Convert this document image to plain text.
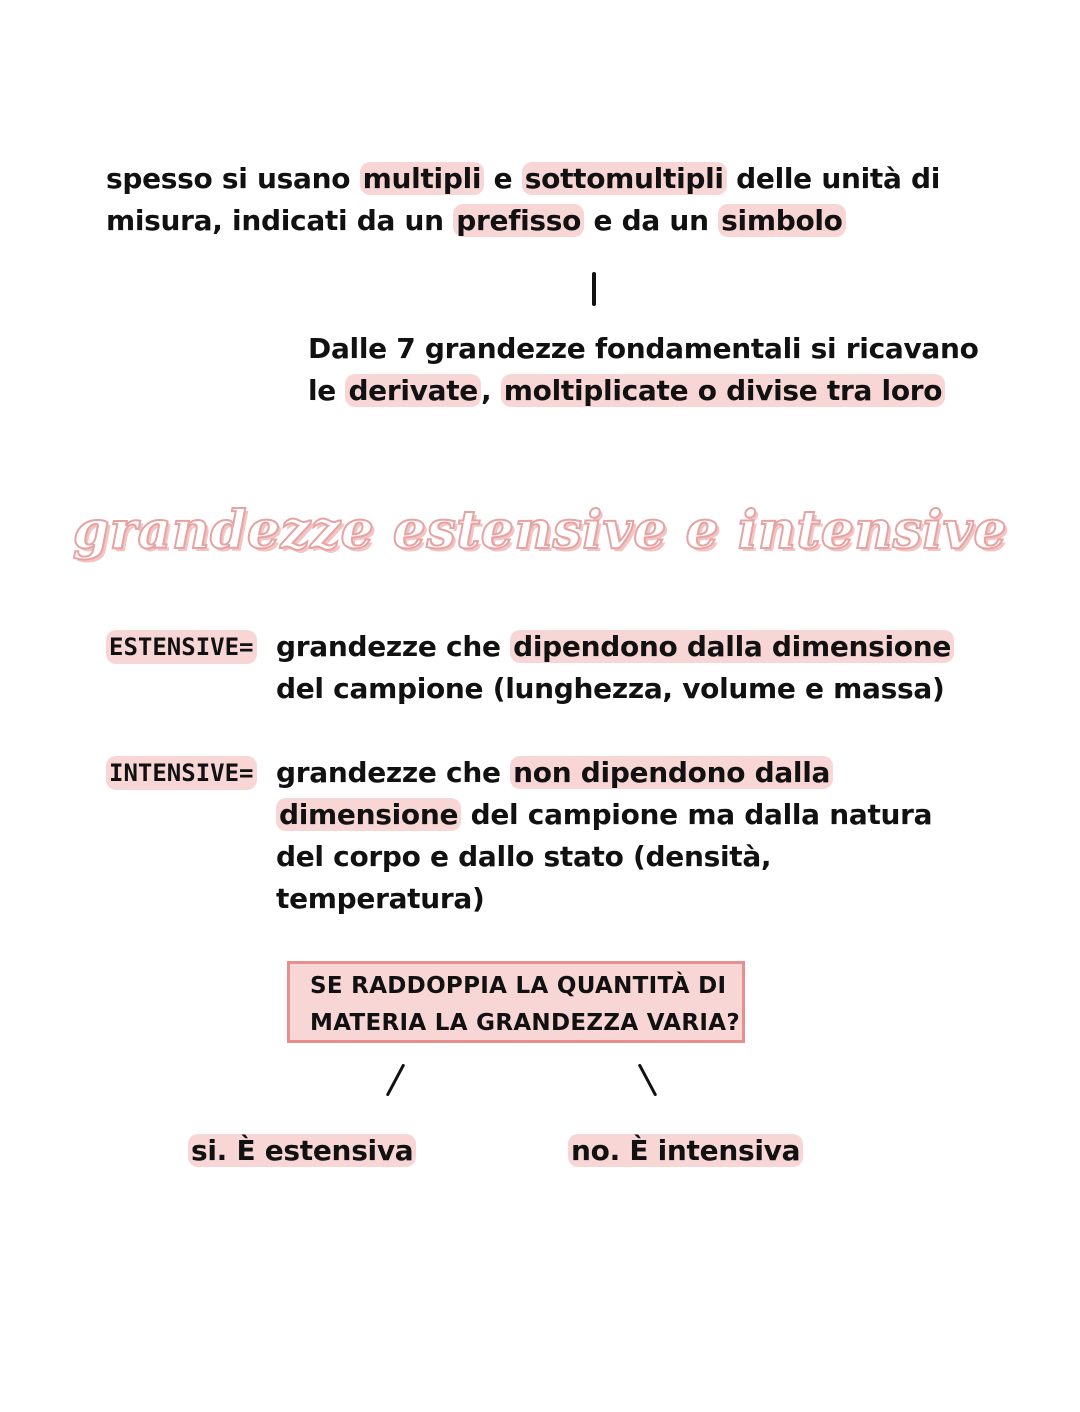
spesso si usano multipli e sottomultipli delle unità di misura, indicati da un prefisso e da un simbolo
Dalle 7 grandezze fondamentali si ricavano le derivate , moltiplicate o divise tra loro
grandezze estensive e intensive
ESTENSIVE= grandezze che dipendono dalla dimensione del campione (lunghezza, volume e massa)
INTENSIVE= grandezze che non dipendono dalla dimensione del campione ma dalla natura del corpo e dallo stato (densità, temperatura)
SE RADDOPPIA LA QUANTITÀ DI
MATERIA LA GRANDEZZA VARIA?
si. È estensiva	no. È intensiva
